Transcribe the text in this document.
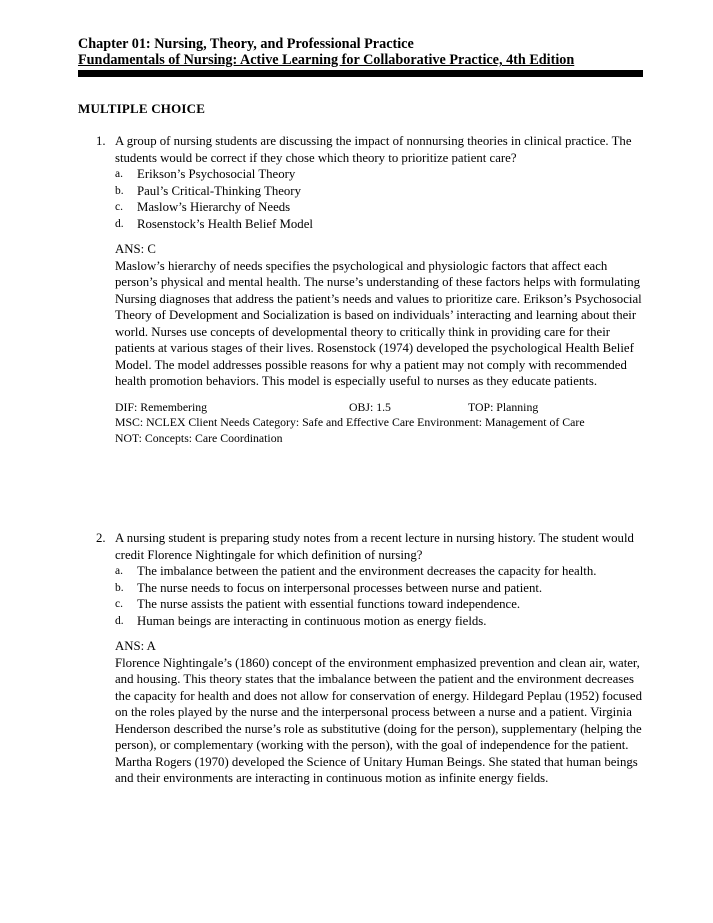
Chapter 01: Nursing, Theory, and Professional Practice
Fundamentals of Nursing: Active Learning for Collaborative Practice, 4th Edition
MULTIPLE CHOICE
1. A group of nursing students are discussing the impact of nonnursing theories in clinical practice. The students would be correct if they chose which theory to prioritize patient care?
a. Erikson’s Psychosocial Theory
b. Paul’s Critical-Thinking Theory
c. Maslow’s Hierarchy of Needs
d. Rosenstock’s Health Belief Model
ANS: C
Maslow’s hierarchy of needs specifies the psychological and physiologic factors that affect each person’s physical and mental health. The nurse’s understanding of these factors helps with formulating Nursing diagnoses that address the patient’s needs and values to prioritize care. Erikson’s Psychosocial Theory of Development and Socialization is based on individuals’ interacting and learning about their world. Nurses use concepts of developmental theory to critically think in providing care for their patients at various stages of their lives. Rosenstock (1974) developed the psychological Health Belief Model. The model addresses possible reasons for why a patient may not comply with recommended health promotion behaviors. This model is especially useful to nurses as they educate patients.
DIF: Remembering	OBJ: 1.5	TOP: Planning
MSC: NCLEX Client Needs Category: Safe and Effective Care Environment: Management of Care
NOT: Concepts: Care Coordination
2. A nursing student is preparing study notes from a recent lecture in nursing history. The student would credit Florence Nightingale for which definition of nursing?
a. The imbalance between the patient and the environment decreases the capacity for health.
b. The nurse needs to focus on interpersonal processes between nurse and patient.
c. The nurse assists the patient with essential functions toward independence.
d. Human beings are interacting in continuous motion as energy fields.
ANS: A
Florence Nightingale’s (1860) concept of the environment emphasized prevention and clean air, water, and housing. This theory states that the imbalance between the patient and the environment decreases the capacity for health and does not allow for conservation of energy. Hildegard Peplau (1952) focused on the roles played by the nurse and the interpersonal process between a nurse and a patient. Virginia Henderson described the nurse’s role as substitutive (doing for the person), supplementary (helping the person), or complementary (working with the person), with the goal of independence for the patient. Martha Rogers (1970) developed the Science of Unitary Human Beings. She stated that human beings and their environments are interacting in continuous motion as infinite energy fields.
